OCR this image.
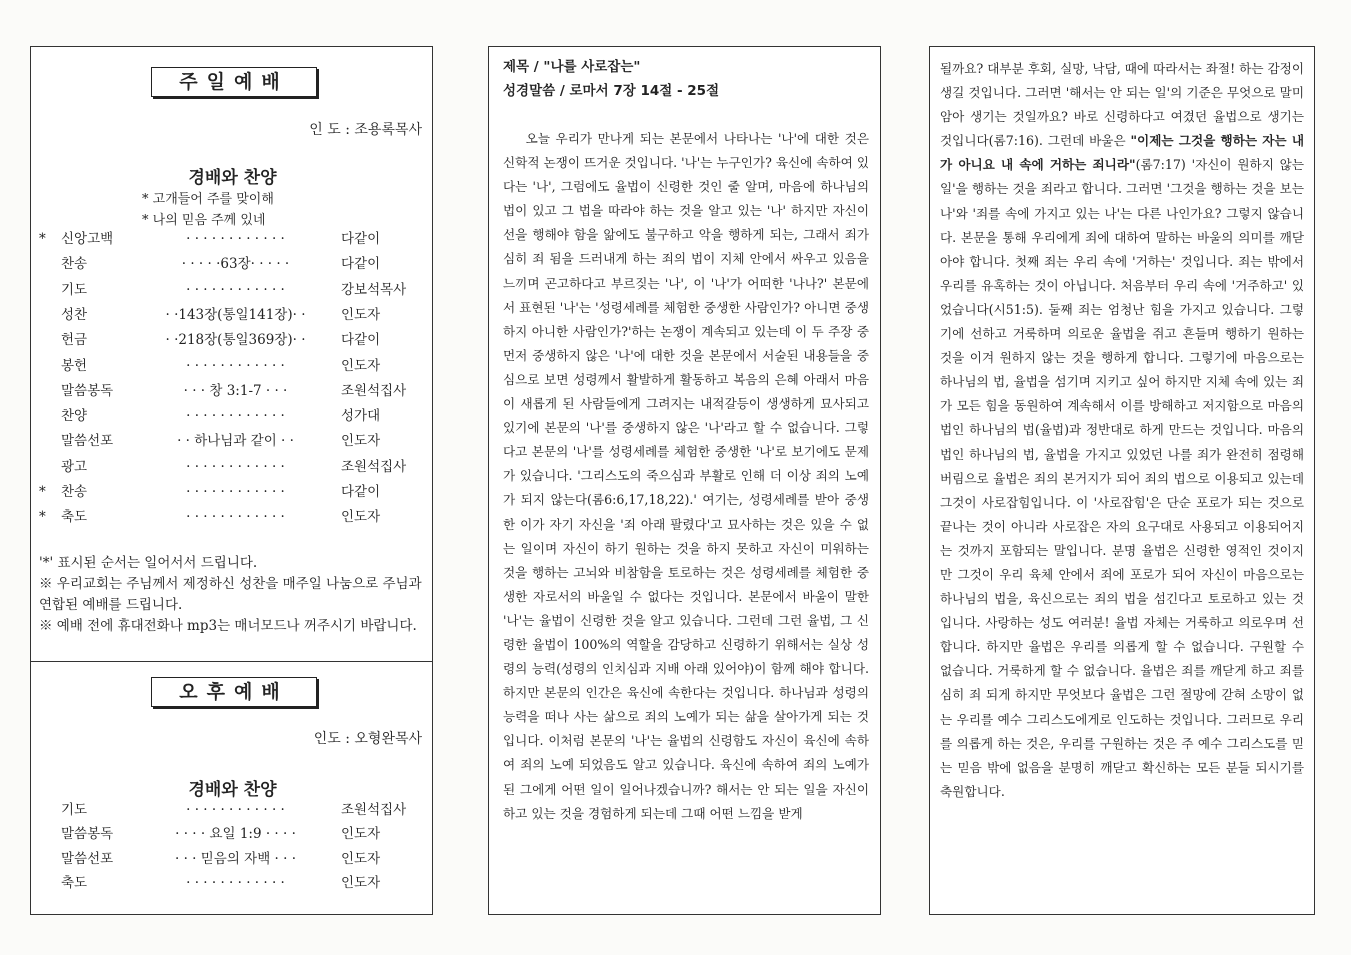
주일예배
인 도 : 조용록목사
경배와 찬양
* 고개들어 주를 맞이해
* 나의 믿음 주께 있네
* 신앙고백	· · · · · · · · · · · ·	다같이
찬송	· · · · ·63장· · · · ·	다같이
기도	· · · · · · · · · · · ·	강보석목사
성찬	· ·143장(통일141장)· ·	인도자
헌금	· ·218장(통일369장)· ·	다같이
봉헌	· · · · · · · · · · · ·	인도자
말씀봉독	· · · 창 3:1-7 · · ·	조원석집사
찬양	· · · · · · · · · · · ·	성가대
말씀선포	· · 하나님과 같이 · ·	인도자
광고	· · · · · · · · · · · ·	조원석집사
* 찬송	· · · · · · · · · · · ·	다같이
* 축도	· · · · · · · · · · · ·	인도자
'*' 표시된 순서는 일어서서 드립니다.
※ 우리교회는 주님께서 제정하신 성찬을 매주일 나눔으로 주님과 연합된 예배를 드립니다.
※ 예배 전에 휴대전화나 mp3는 매너모드나 꺼주시기 바랍니다.
오후예배
인도 : 오형완목사
경배와 찬양
기도	· · · · · · · · · · · ·	조원석집사
말씀봉독	· · · · 요일 1:9 · · · ·	인도자
말씀선포	· · · 믿음의 자백 · · ·	인도자
축도	· · · · · · · · · · · ·	인도자
제목 / "나를 사로잡는"
성경말씀 / 로마서 7장 14절 - 25절

오늘 우리가 만나게 되는 본문에서 나타나는 '나'에 대한 것은 신학적 논쟁이 뜨거운 것입니다. '나'는 누구인가? 육신에 속하여 있다는 '나', 그럼에도 율법이 신령한 것인 줄 알며, 마음에 하나님의 법이 있고 그 법을 따라야 하는 것을 알고 있는 '나' 하지만 자신이 선을 행해야 함을 앎에도 불구하고 악을 행하게 되는, 그래서 죄가 심히 죄 됨을 드러내게 하는 죄의 법이 지체 안에서 싸우고 있음을 느끼며 곤고하다고 부르짖는 '나', 이 '나'가 어떠한 '나나?' 본문에서 표현된 '나'는 '성령세례를 체험한 중생한 사람인가? 아니면 중생하지 아니한 사람인가?'하는 논쟁이 계속되고 있는데 이 두 주장 중 먼저 중생하지 않은 '나'에 대한 것을 본문에서 서술된 내용들을 중심으로 보면 성령께서 활발하게 활동하고 복음의 은혜 아래서 마음이 새롭게 된 사람들에게 그려지는 내적갈등이 생생하게 묘사되고 있기에 본문의 '나'를 중생하지 않은 '나'라고 할 수 없습니다. 그렇다고 본문의 '나'를 성령세례를 체험한 중생한 '나'로 보기에도 문제가 있습니다. '그리스도의 죽으심과 부활로 인해 더 이상 죄의 노예가 되지 않는다(롬6:6,17,18,22).' 여기는, 성령세례를 받아 중생한 이가 자기 자신을 '죄 아래 팔렸다'고 묘사하는 것은 있을 수 없는 일이며 자신이 하기 원하는 것을 하지 못하고 자신이 미워하는 것을 행하는 고뇌와 비참함을 토로하는 것은 성령세례를 체험한 중생한 자로서의 바울일 수 없다는 것입니다. 본문에서 바울이 말한 '나'는 율법이 신령한 것을 알고 있습니다. 그런데 그런 율법, 그 신령한 율법이 100%의 역할을 감당하고 신령하기 위해서는 실상 성령의 능력(성령의 인치심과 지배 아래 있어야)이 함께 해야 합니다. 하지만 본문의 인간은 육신에 속한다는 것입니다. 하나님과 성령의 능력을 떠나 사는 삶으로 죄의 노예가 되는 삶을 살아가게 되는 것입니다. 이처럼 본문의 '나'는 율법의 신령함도 자신이 육신에 속하여 죄의 노예 되었음도 알고 있습니다. 육신에 속하여 죄의 노예가 된 그에게 어떤 일이 일어나겠습니까? 해서는 안 되는 일을 자신이 하고 있는 것을 경험하게 되는데 그때 어떤 느낌을 받게

될까요? 대부분 후회, 실망, 낙담, 때에 따라서는 좌절! 하는 감정이 생길 것입니다. 그러면 '해서는 안 되는 일'의 기준은 무엇으로 말미암아 생기는 것일까요? 바로 신령하다고 여겼던 율법으로 생기는 것입니다(롬7:16). 그런데 바울은 "이제는 그것을 행하는 자는 내가 아니요 내 속에 거하는 죄니라"(롬7:17) '자신이 원하지 않는 일'을 행하는 것을 죄라고 합니다. 그러면 '그것을 행하는 것을 보는 나'와 '죄를 속에 가지고 있는 나'는 다른 나인가요? 그렇지 않습니다. 본문을 통해 우리에게 죄에 대하여 말하는 바울의 의미를 깨닫아야 합니다. 첫째 죄는 우리 속에 '거하는' 것입니다. 죄는 밖에서 우리를 유혹하는 것이 아닙니다. 처음부터 우리 속에 '거주하고' 있었습니다(시51:5). 둘째 죄는 엄청난 힘을 가지고 있습니다. 그렇기에 선하고 거룩하며 의로운 율법을 쥐고 흔들며 행하기 원하는 것을 이겨 원하지 않는 것을 행하게 합니다. 그렇기에 마음으로는 하나님의 법, 율법을 섬기며 지키고 싶어 하지만 지체 속에 있는 죄가 모든 힘을 동원하여 계속해서 이를 방해하고 저지함으로 마음의 법인 하나님의 법(율법)과 정반대로 하게 만드는 것입니다. 마음의 법인 하나님의 법, 율법을 가지고 있었던 나를 죄가 완전히 점령해 버림으로 율법은 죄의 본거지가 되어 죄의 법으로 이용되고 있는데 그것이 사로잡힘입니다. 이 '사로잡힘'은 단순 포로가 되는 것으로 끝나는 것이 아니라 사로잡은 자의 요구대로 사용되고 이용되어지는 것까지 포함되는 말입니다. 분명 율법은 신령한 영적인 것이지만 그것이 우리 육체 안에서 죄에 포로가 되어 자신이 마음으로는 하나님의 법을, 육신으로는 죄의 법을 섬긴다고 토로하고 있는 것입니다. 사랑하는 성도 여러분! 율법 자체는 거룩하고 의로우며 선합니다. 하지만 율법은 우리를 의롭게 할 수 없습니다. 구원할 수 없습니다. 거룩하게 할 수 없습니다. 율법은 죄를 깨닫게 하고 죄를 심히 죄 되게 하지만 무엇보다 율법은 그런 절망에 갇혀 소망이 없는 우리를 예수 그리스도에게로 인도하는 것입니다. 그러므로 우리를 의롭게 하는 것은, 우리를 구원하는 것은 주 예수 그리스도를 믿는 믿음 밖에 없음을 분명히 깨닫고 확신하는 모든 분들 되시기를 축원합니다.
